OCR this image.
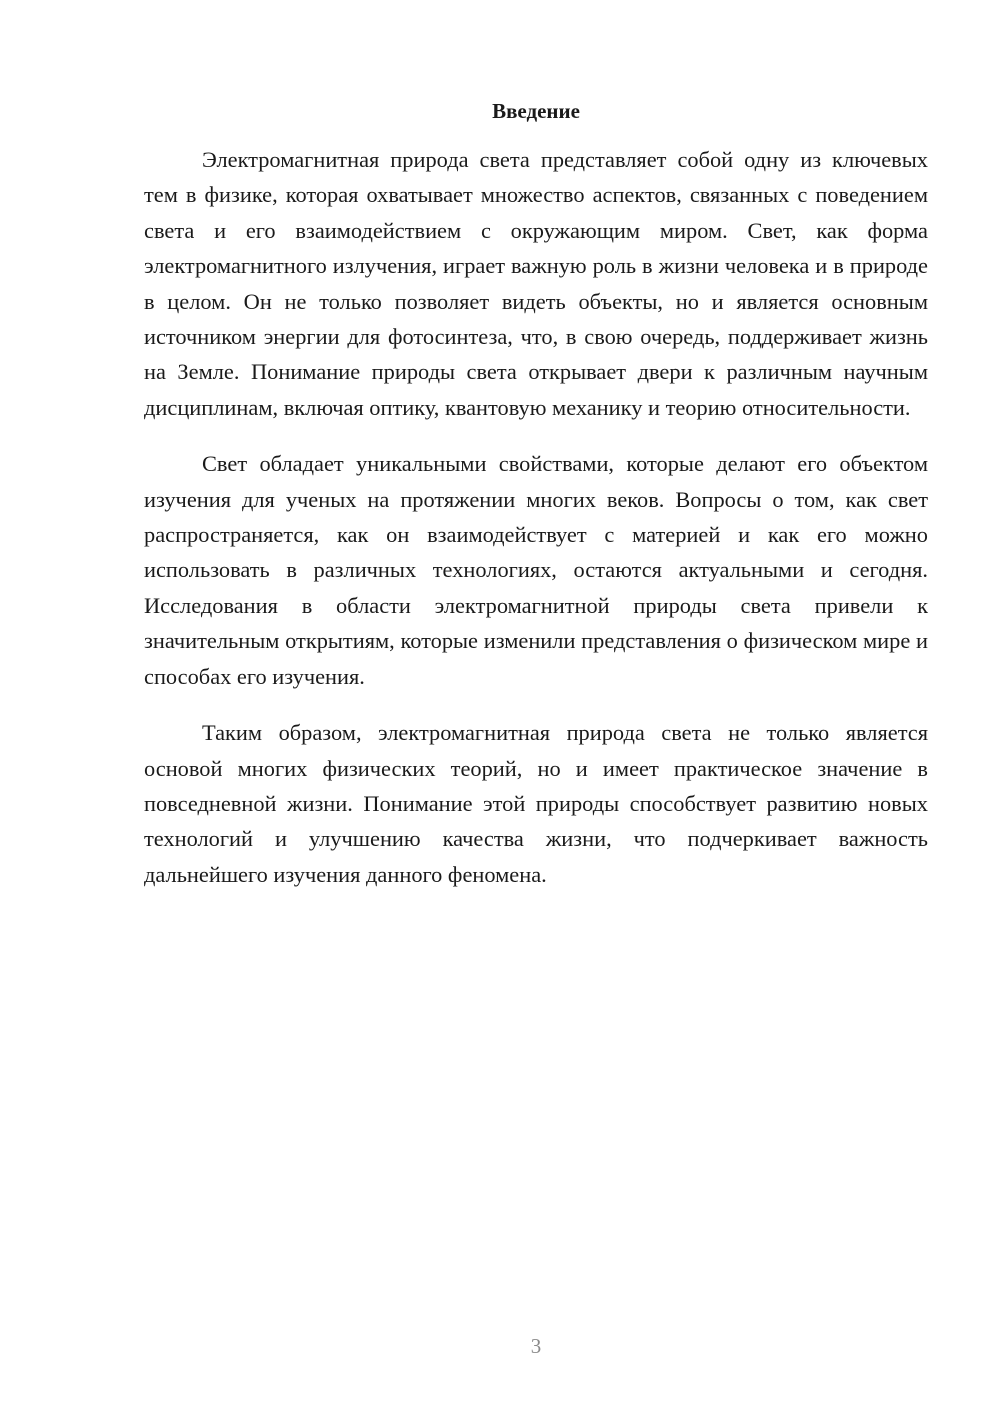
Введение

Электромагнитная природа света представляет собой одну из ключевых тем в физике, которая охватывает множество аспектов, связанных с поведением света и его взаимодействием с окружающим миром. Свет, как форма электромагнитного излучения, играет важную роль в жизни человека и в природе в целом. Он не только позволяет видеть объекты, но и является основным источником энергии для фотосинтеза, что, в свою очередь, поддерживает жизнь на Земле. Понимание природы света открывает двери к различным научным дисциплинам, включая оптику, квантовую механику и теорию относительности.

Свет обладает уникальными свойствами, которые делают его объектом изучения для ученых на протяжении многих веков. Вопросы о том, как свет распространяется, как он взаимодействует с материей и как его можно использовать в различных технологиях, остаются актуальными и сегодня. Исследования в области электромагнитной природы света привели к значительным открытиям, которые изменили представления о физическом мире и способах его изучения.

Таким образом, электромагнитная природа света не только является основой многих физических теорий, но и имеет практическое значение в повседневной жизни. Понимание этой природы способствует развитию новых технологий и улучшению качества жизни, что подчеркивает важность дальнейшего изучения данного феномена.

3
